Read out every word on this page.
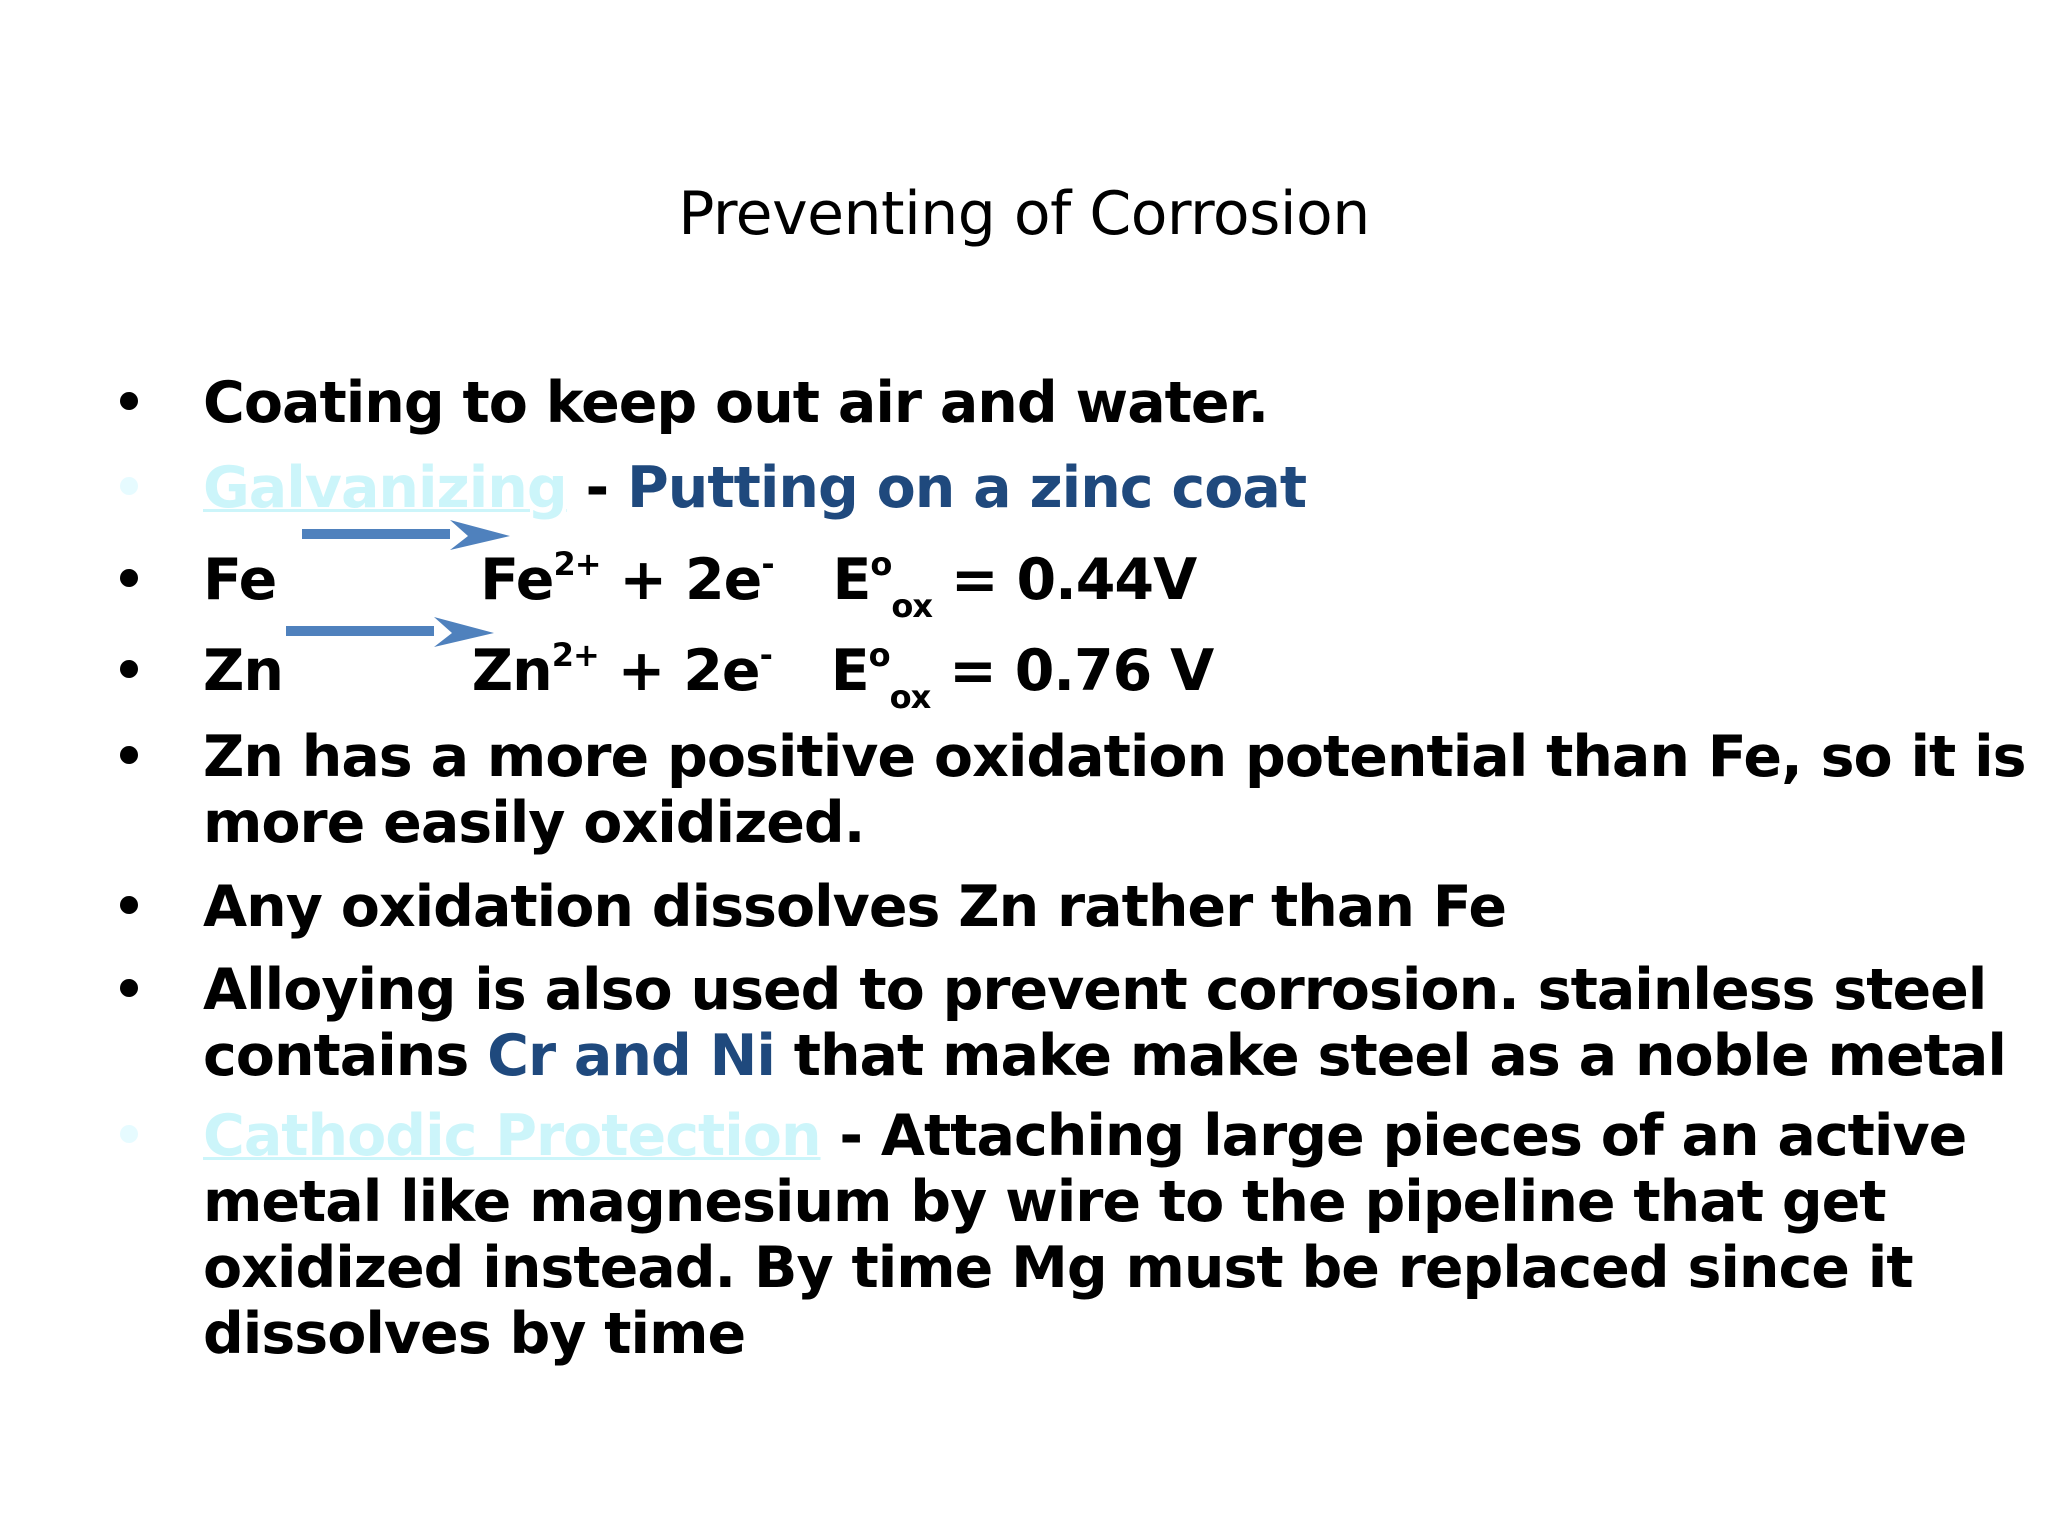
Preventing of Corrosion
Coating to keep out air and water.
Galvanizing - Putting on a zinc coat
Fe	$Fe^{2+} + 2e^-$ $E^o_{ox} = 0.44V$
Zn	$Zn^{2+} + 2e^-$ $E^o_{ox} = 0.76$ V
Zn has a more positive oxidation potential than Fe, so it is
more easily oxidized.
Any oxidation dissolves Zn rather than Fe
Alloying is also used to prevent corrosion. stainless steel
contains Cr and Ni that make make steel as a noble metal
Cathodic Protection - Attaching large pieces of an active
metal like magnesium by wire to the pipeline that get
oxidized instead. By time Mg must be replaced since it
dissolves by time
